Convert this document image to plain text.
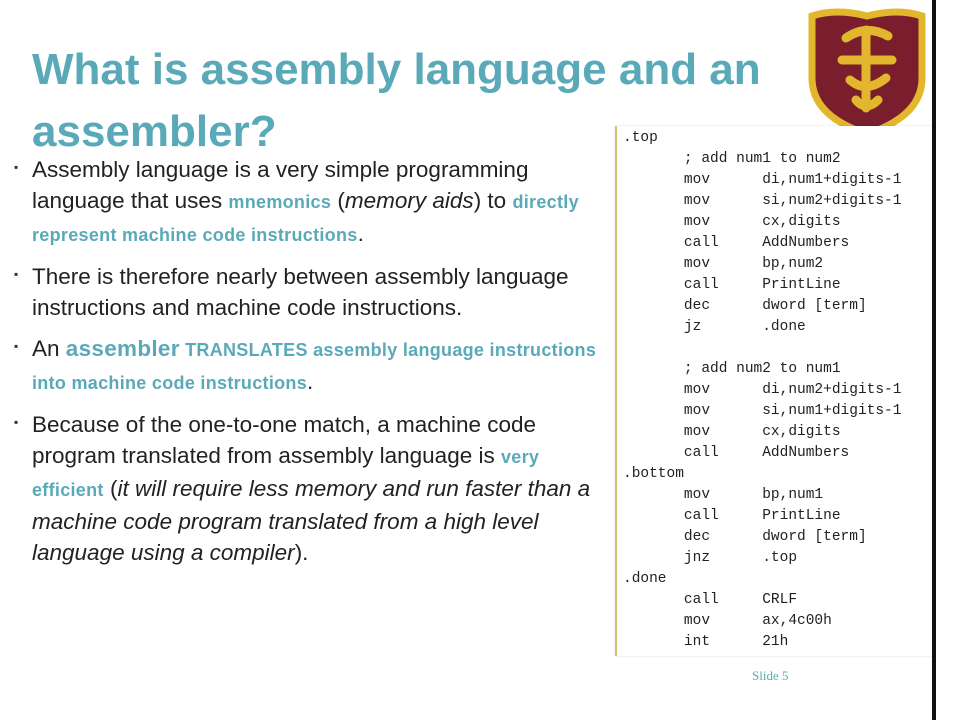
What is assembly language and an assembler?
▪ Assembly language is a very simple programming language that uses mnemonics (memory aids) to directly represent machine code instructions.
▪ There is therefore nearly between assembly language instructions and machine code instructions.
▪ An assembler TRANSLATES assembly language instructions into machine code instructions.
▪ Because of the one-to-one match, a machine code program translated from assembly language is very efficient (it will require less memory and run faster than a machine code program translated from a high level language using a compiler).
.top
; add num1 to num2
mov      di,num1+digits-1
mov      si,num2+digits-1
mov      cx,digits
call     AddNumbers
mov      bp,num2
call     PrintLine
dec      dword [term]
jz       .done
; add num2 to num1
mov      di,num2+digits-1
mov      si,num1+digits-1
mov      cx,digits
call     AddNumbers
.bottom
mov      bp,num1
call     PrintLine
dec      dword [term]
jnz      .top
.done
call     CRLF
mov      ax,4c00h
int      21h
Slide 5
